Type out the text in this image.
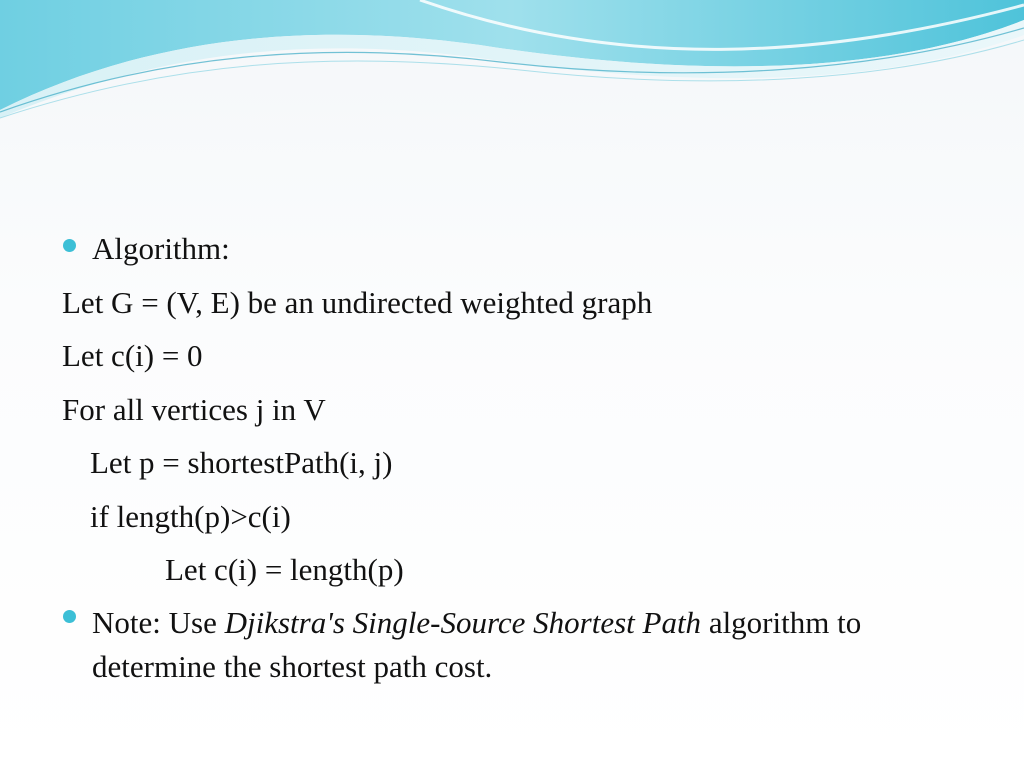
Algorithm:
Let G = (V, E) be an undirected weighted graph
Let c(i) = 0
For all vertices j in V
Let p = shortestPath(i, j)
if length(p)>c(i)
Let c(i) = length(p)
Note: Use Djikstra's Single-Source Shortest Path algorithm to determine the shortest path cost.
